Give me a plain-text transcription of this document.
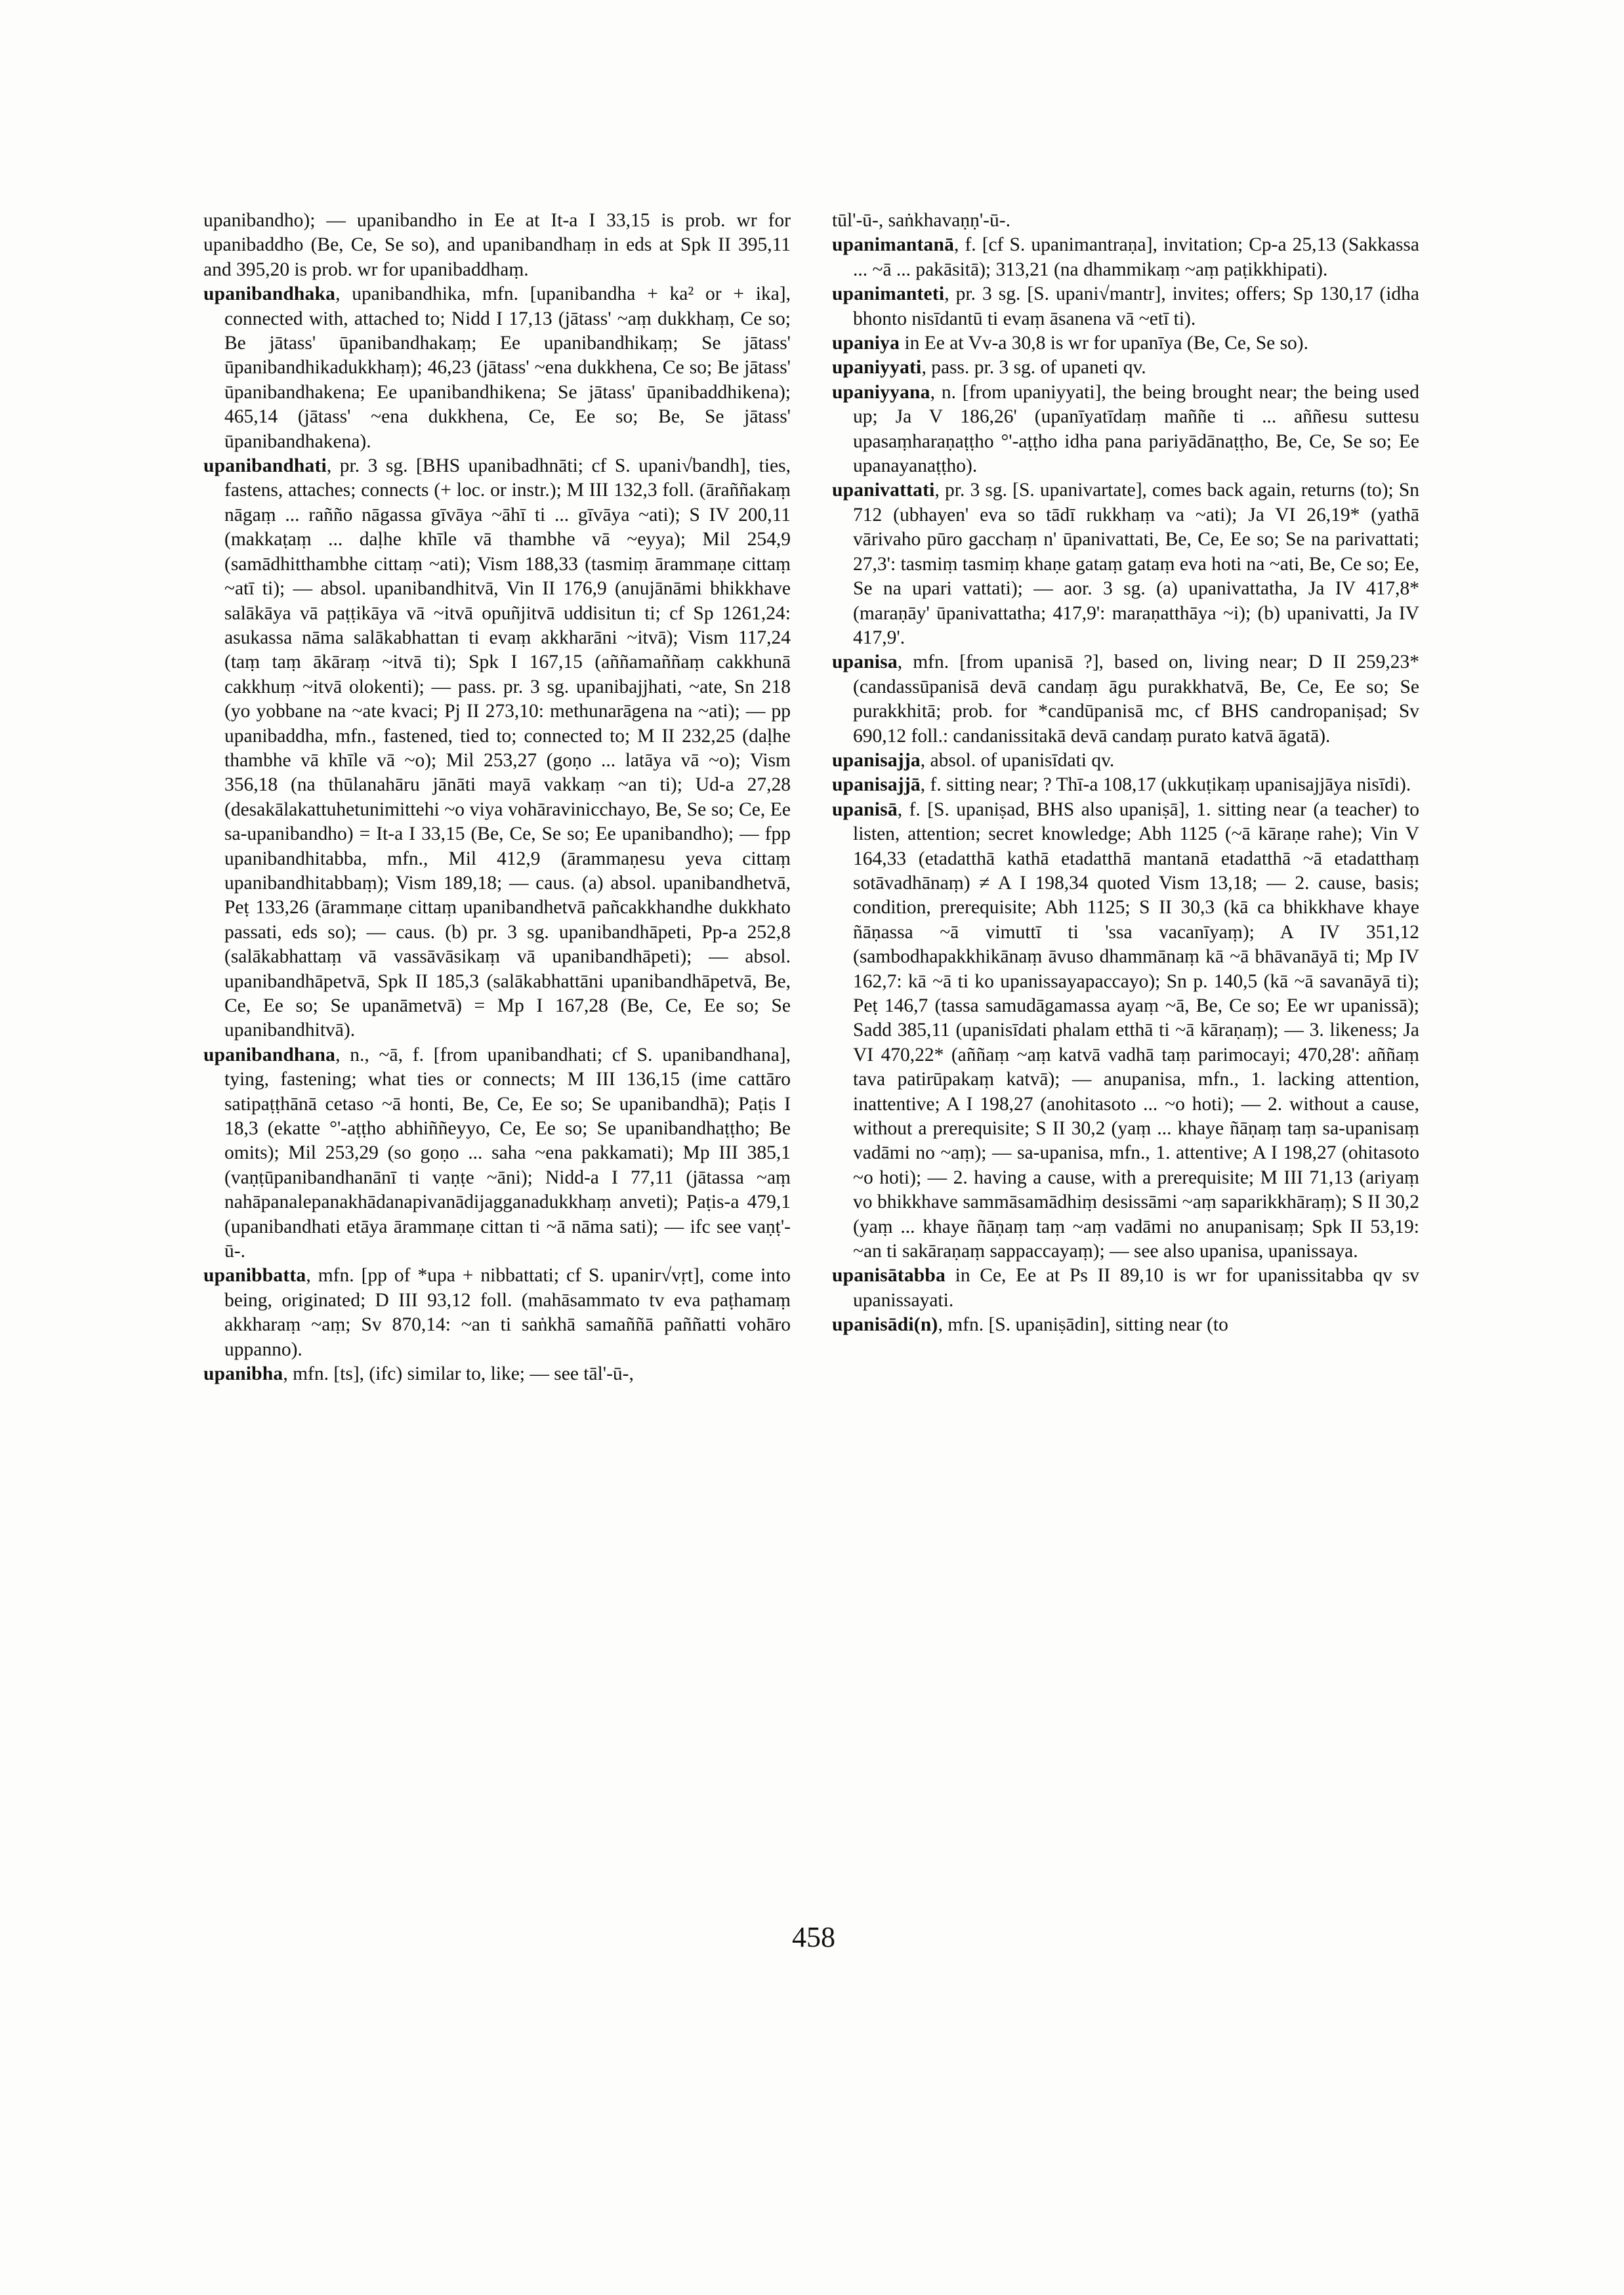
upanibandho); — upanibandho in Ee at It-a I 33,15 is prob. wr for upanibaddho (Be, Ce, Se so), and upanibandhaṃ in eds at Spk II 395,11 and 395,20 is prob. wr for upanibaddhaṃ.

upanibandhaka, upanibandhika, mfn. [upanibandha + ka² or + ika], connected with, attached to; Nidd I 17,13 (jātass' ~aṃ dukkhaṃ, Ce so; Be jātass' ūpanibandhakaṃ; Ee upanibandhikaṃ; Se jātass' ūpanibandhikadukkhaṃ); 46,23 (jātass' ~ena dukkhena, Ce so; Be jātass' ūpanibandhakena; Ee upanibandhikena; Se jātass' ūpanibaddhikena); 465,14 (jātass' ~ena dukkhena, Ce, Ee so; Be, Se jātass' ūpanibandhakena).

upanibandhati, pr. 3 sg. [BHS upanibadhnāti; cf S. upani√bandh], ties, fastens, attaches; connects (+ loc. or instr.); M III 132,3 foll. (āraññakaṃ nāgaṃ ... rañño nāgassa gīvāya ~āhī ti ... gīvāya ~ati); S IV 200,11 (makkaṭaṃ ... daḷhe khīle vā thambhe vā ~eyya); Mil 254,9 (samādhitthambhe cittaṃ ~ati); Vism 188,33 (tasmiṃ ārammaṇe cittaṃ ~atī ti); — absol. upanibandhitvā, Vin II 176,9 (anujānāmi bhikkhave salākāya vā paṭṭikāya vā ~itvā opuñjitvā uddisitun ti; cf Sp 1261,24: asukassa nāma salākabhattan ti evaṃ akkharāni ~itvā); Vism 117,24 (taṃ taṃ ākāraṃ ~itvā ti); Spk I 167,15 (aññamaññaṃ cakkhunā cakkhuṃ ~itvā olokenti); — pass. pr. 3 sg. upanibajjhati, ~ate, Sn 218 (yo yobbane na ~ate kvaci; Pj II 273,10: methunarāgena na ~ati); — pp upanibaddha, mfn., fastened, tied to; connected to; M II 232,25 (daḷhe thambhe vā khīle vā ~o); Mil 253,27 (goṇo ... latāya vā ~o); Vism 356,18 (na thūlanahāru jānāti mayā vakkaṃ ~an ti); Ud-a 27,28 (desakālakattuhetunimittehi ~o viya vohāravinicchayo, Be, Se so; Ce, Ee sa-upanibandho) = It-a I 33,15 (Be, Ce, Se so; Ee upanibandho); — fpp upanibandhitabba, mfn., Mil 412,9 (ārammaṇesu yeva cittaṃ upanibandhitabbaṃ); Vism 189,18; — caus. (a) absol. upanibandhetvā, Peṭ 133,26 (ārammaṇe cittaṃ upanibandhetvā pañcakkhandhe dukkhato passati, eds so); — caus. (b) pr. 3 sg. upanibandhāpeti, Pp-a 252,8 (salākabhattaṃ vā vassāvāsikaṃ vā upanibandhāpeti); — absol. upanibandhāpetvā, Spk II 185,3 (salākabhattāni upanibandhāpetvā, Be, Ce, Ee so; Se upanāmetvā) = Mp I 167,28 (Be, Ce, Ee so; Se upanibandhitvā).

upanibandhana, n., ~ā, f. [from upanibandhati; cf S. upanibandhana], tying, fastening; what ties or connects; M III 136,15 (ime cattāro satipaṭṭhānā cetaso ~ā honti, Be, Ce, Ee so; Se upanibandhā); Paṭis I 18,3 (ekatte °'-aṭṭho abhiññeyyo, Ce, Ee so; Se upanibandhaṭṭho; Be omits); Mil 253,29 (so goṇo ... saha ~ena pakkamati); Mp III 385,1 (vaṇṭūpanibandhanānī ti vaṇṭe ~āni); Nidd-a I 77,11 (jātassa ~aṃ nahāpanalepanakhādanapivanādijagganadukkhaṃ anveti); Paṭis-a 479,1 (upanibandhati etāya ārammaṇe cittan ti ~ā nāma sati); — ifc see vaṇṭ'-ū-.

upanibbatta, mfn. [pp of *upa + nibbattati; cf S. upanir√vṛt], come into being, originated; D III 93,12 foll. (mahāsammato tv eva paṭhamaṃ akkharaṃ ~aṃ; Sv 870,14: ~an ti saṅkhā samaññā paññatti vohāro uppanno).

upanibha, mfn. [ts], (ifc) similar to, like; — see tāl'-ū-,

tūl'-ū-, saṅkhavaṇṇ'-ū-.

upanimantanā, f. [cf S. upanimantraṇa], invitation; Cp-a 25,13 (Sakkassa ... ~ā ... pakāsitā); 313,21 (na dhammikaṃ ~aṃ paṭikkhipati).

upanimanteti, pr. 3 sg. [S. upani√mantr], invites; offers; Sp 130,17 (idha bhonto nisīdantū ti evaṃ āsanena vā ~etī ti).

upaniya in Ee at Vv-a 30,8 is wr for upanīya (Be, Ce, Se so).

upaniyyati, pass. pr. 3 sg. of upaneti qv.

upaniyyana, n. [from upaniyyati], the being brought near; the being used up; Ja V 186,26' (upanīyatīdaṃ maññe ti ... aññesu suttesu upasaṃharaṇaṭṭho °'-aṭṭho idha pana pariyādānaṭṭho, Be, Ce, Se so; Ee upanayanaṭṭho).

upanivattati, pr. 3 sg. [S. upanivartate], comes back again, returns (to); Sn 712 (ubhayen' eva so tādī rukkhaṃ va ~ati); Ja VI 26,19* (yathā vārivaho pūro gacchaṃ n' ūpanivattati, Be, Ce, Ee so; Se na parivattati; 27,3': tasmiṃ tasmiṃ khaṇe gataṃ gataṃ eva hoti na ~ati, Be, Ce so; Ee, Se na upari vattati); — aor. 3 sg. (a) upanivattatha, Ja IV 417,8* (maraṇāy' ūpanivattatha; 417,9': maraṇatthāya ~i); (b) upanivatti, Ja IV 417,9'.

upanisa, mfn. [from upanisā ?], based on, living near; D II 259,23* (candassūpanisā devā candaṃ āgu purakkhatvā, Be, Ce, Ee so; Se purakkhitā; prob. for *candūpanisā mc, cf BHS candropaniṣad; Sv 690,12 foll.: candanissitakā devā candaṃ purato katvā āgatā).

upanisajja, absol. of upanisīdati qv.

upanisajjā, f. sitting near; ? Thī-a 108,17 (ukkuṭikaṃ upanisajjāya nisīdi).

upanisā, f. [S. upaniṣad, BHS also upaniṣā], 1. sitting near (a teacher) to listen, attention; secret knowledge; Abh 1125 (~ā kāraṇe rahe); Vin V 164,33 (etadatthā kathā etadatthā mantanā etadatthā ~ā etadatthaṃ sotāvadhānaṃ) ≠ A I 198,34 quoted Vism 13,18; — 2. cause, basis; condition, prerequisite; Abh 1125; S II 30,3 (kā ca bhikkhave khaye ñāṇassa ~ā vimuttī ti 'ssa vacanīyaṃ); A IV 351,12 (sambodhapakkhikānaṃ āvuso dhammānaṃ kā ~ā bhāvanāyā ti; Mp IV 162,7: kā ~ā ti ko upanissayapaccayo); Sn p. 140,5 (kā ~ā savanāyā ti); Peṭ 146,7 (tassa samudāgamassa ayaṃ ~ā, Be, Ce so; Ee wr upanissā); Sadd 385,11 (upanisīdati phalam etthā ti ~ā kāraṇaṃ); — 3. likeness; Ja VI 470,22* (aññaṃ ~aṃ katvā vadhā taṃ parimocayi; 470,28': aññaṃ tava patirūpakaṃ katvā); — anupanisa, mfn., 1. lacking attention, inattentive; A I 198,27 (anohitasoto ... ~o hoti); — 2. without a cause, without a prerequisite; S II 30,2 (yaṃ ... khaye ñāṇaṃ taṃ sa-upanisaṃ vadāmi no ~aṃ); — sa-upanisa, mfn., 1. attentive; A I 198,27 (ohitasoto ~o hoti); — 2. having a cause, with a prerequisite; M III 71,13 (ariyaṃ vo bhikkhave sammāsamādhiṃ desissāmi ~aṃ saparikkhāraṃ); S II 30,2 (yaṃ ... khaye ñāṇaṃ taṃ ~aṃ vadāmi no anupanisaṃ; Spk II 53,19: ~an ti sakāraṇaṃ sappaccayaṃ); — see also upanisa, upanissaya.

upanisātabba in Ce, Ee at Ps II 89,10 is wr for upanissitabba qv sv upanissayati.

upanisādi(n), mfn. [S. upaniṣādin], sitting near (to

458
